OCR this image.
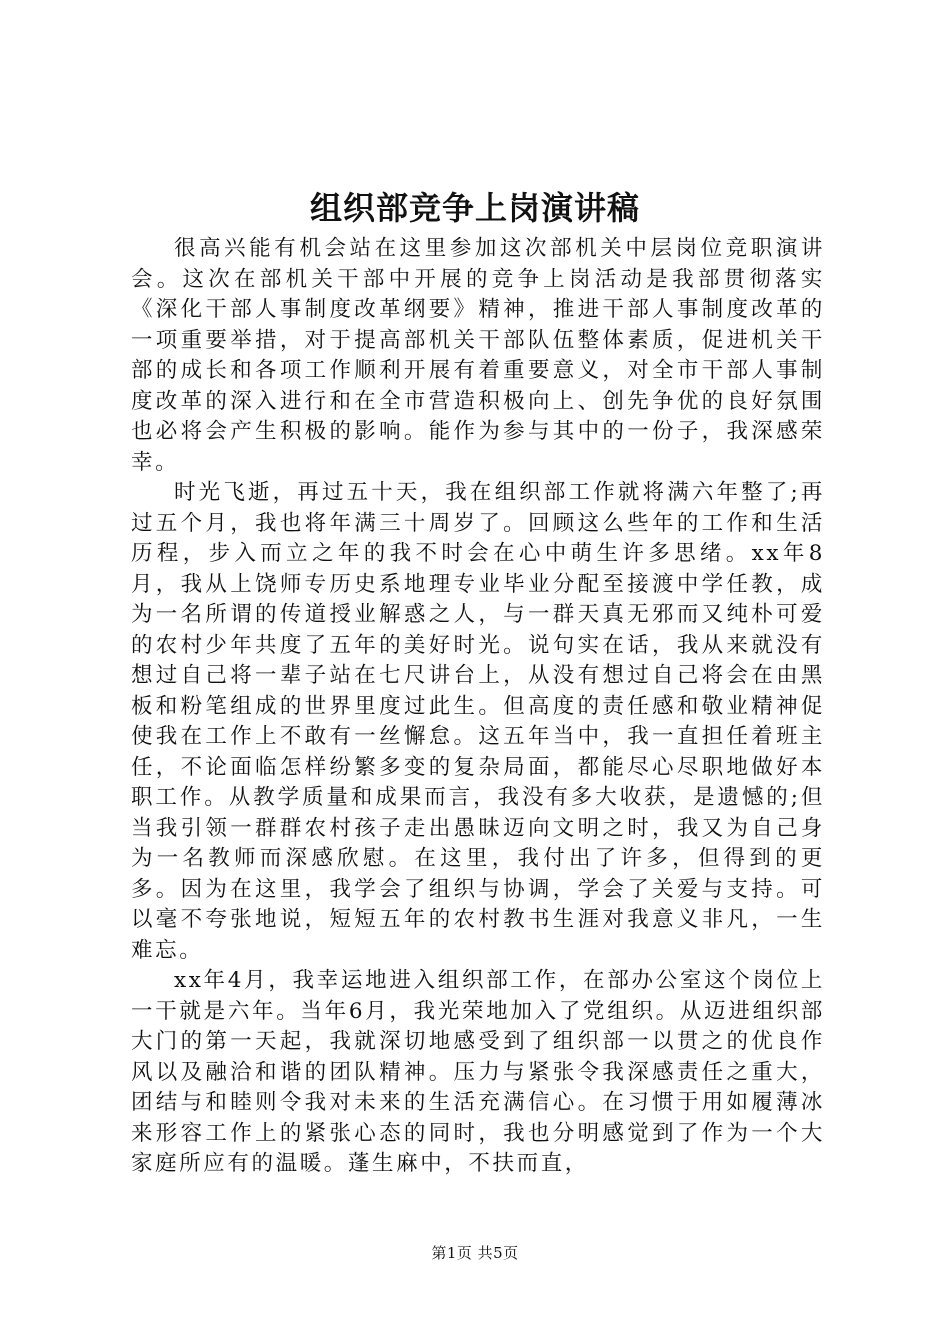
组织部竞争上岗演讲稿

很高兴能有机会站在这里参加这次部机关中层岗位竞职演讲会。这次在部机关干部中开展的竞争上岗活动是我部贯彻落实《深化干部人事制度改革纲要》精神，推进干部人事制度改革的一项重要举措，对于提高部机关干部队伍整体素质，促进机关干部的成长和各项工作顺利开展有着重要意义，对全市干部人事制度改革的深入进行和在全市营造积极向上、创先争优的良好氛围也必将会产生积极的影响。能作为参与其中的一份子，我深感荣幸。

时光飞逝，再过五十天，我在组织部工作就将满六年整了;再过五个月，我也将年满三十周岁了。回顾这么些年的工作和生活历程，步入而立之年的我不时会在心中萌生许多思绪。xx年8月，我从上饶师专历史系地理专业毕业分配至接渡中学任教，成为一名所谓的传道授业解惑之人，与一群天真无邪而又纯朴可爱的农村少年共度了五年的美好时光。说句实在话，我从来就没有想过自己将一辈子站在七尺讲台上，从没有想过自己将会在由黑板和粉笔组成的世界里度过此生。但高度的责任感和敬业精神促使我在工作上不敢有一丝懈怠。这五年当中，我一直担任着班主任，不论面临怎样纷繁多变的复杂局面，都能尽心尽职地做好本职工作。从教学质量和成果而言，我没有多大收获，是遗憾的;但当我引领一群群农村孩子走出愚昧迈向文明之时，我又为自己身为一名教师而深感欣慰。在这里，我付出了许多，但得到的更多。因为在这里，我学会了组织与协调，学会了关爱与支持。可以毫不夸张地说，短短五年的农村教书生涯对我意义非凡，一生难忘。

xx年4月，我幸运地进入组织部工作，在部办公室这个岗位上一干就是六年。当年6月，我光荣地加入了党组织。从迈进组织部大门的第一天起，我就深切地感受到了组织部一以贯之的优良作风以及融洽和谐的团队精神。压力与紧张令我深感责任之重大，团结与和睦则令我对未来的生活充满信心。在习惯于用如履薄冰来形容工作上的紧张心态的同时，我也分明感觉到了作为一个大家庭所应有的温暖。蓬生麻中，不扶而直，

第1页 共5页
